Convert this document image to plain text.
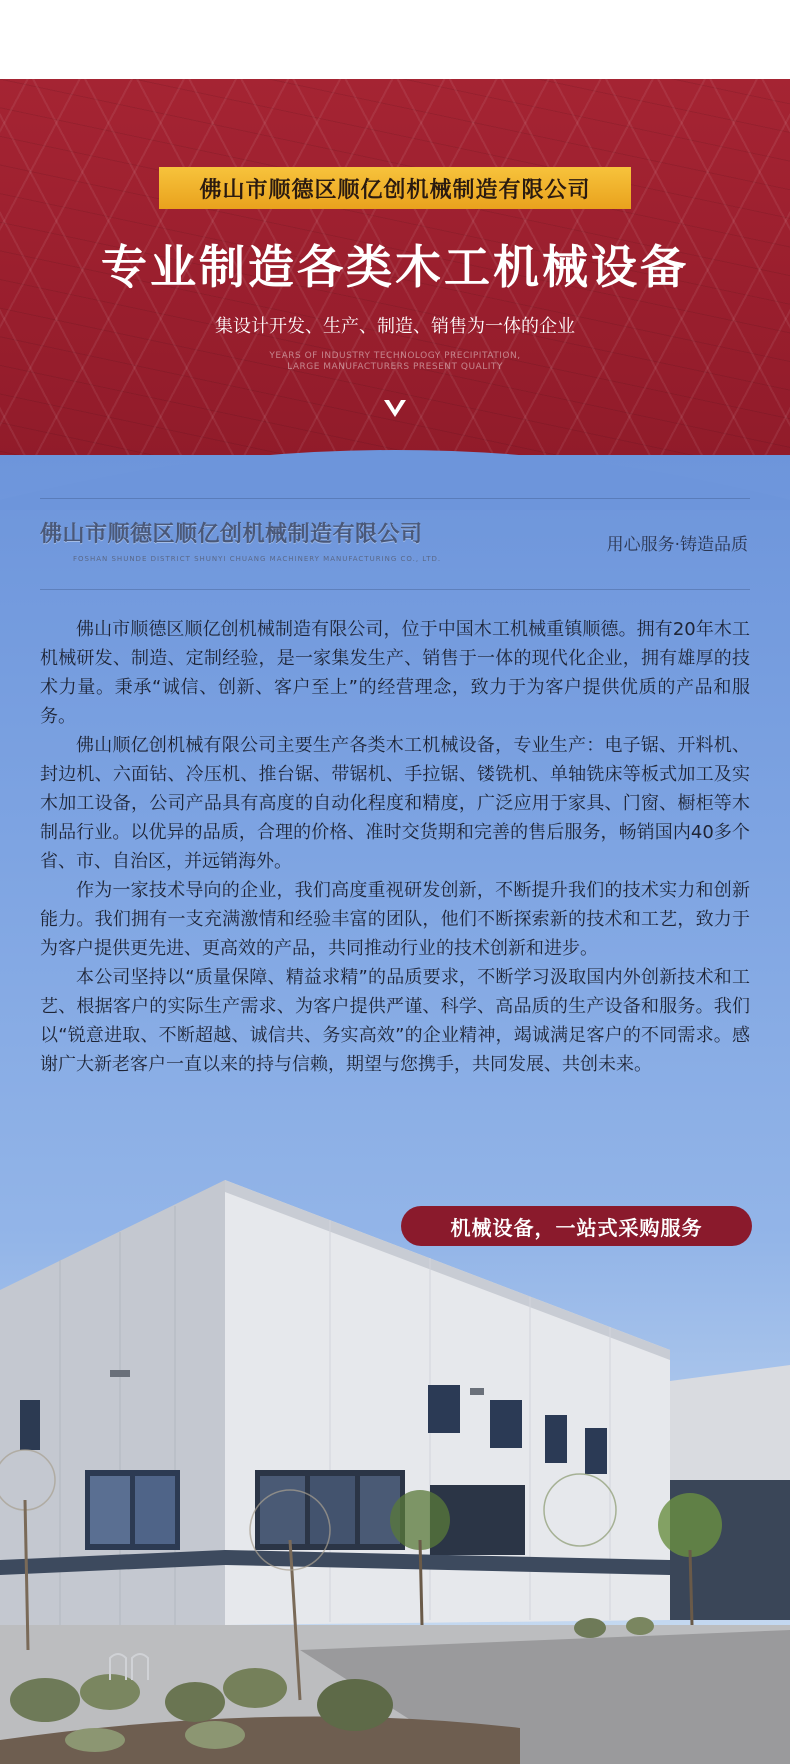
佛山市顺德区顺亿创机械制造有限公司
专业制造各类木工机械设备
集设计开发、生产、制造、销售为一体的企业
YEARS OF INDUSTRY TECHNOLOGY PRECIPITATION,
LARGE MANUFACTURERS PRESENT QUALITY
佛山市顺德区顺亿创机械制造有限公司
FOSHAN SHUNDE DISTRICT SHUNYI CHUANG MACHINERY MANUFACTURING CO., LTD.
用心服务·铸造品质

佛山市顺德区顺亿创机械制造有限公司，位于中国木工机械重镇顺德。拥有20年木工机械研发、制造、定制经验，是一家集发生产、销售于一体的现代化企业，拥有雄厚的技术力量。秉承“诚信、创新、客户至上”的经营理念，致力于为客户提供优质的产品和服务。

佛山顺亿创机械有限公司主要生产各类木工机械设备，专业生产：电子锯、开料机、封边机、六面钻、冷压机、推台锯、带锯机、手拉锯、镂铣机、单轴铣床等板式加工及实木加工设备，公司产品具有高度的自动化程度和精度，广泛应用于家具、门窗、橱柜等木制品行业。以优异的品质，合理的价格、准时交货期和完善的售后服务，畅销国内40多个省、市、自治区，并远销海外。

作为一家技术导向的企业，我们高度重视研发创新，不断提升我们的技术实力和创新能力。我们拥有一支充满激情和经验丰富的团队，他们不断探索新的技术和工艺，致力于为客户提供更先进、更高效的产品，共同推动行业的技术创新和进步。

本公司坚持以“质量保障、精益求精”的品质要求，不断学习汲取国内外创新技术和工艺、根据客户的实际生产需求、为客户提供严谨、科学、高品质的生产设备和服务。我们以“锐意进取、不断超越、诚信共、务实高效”的企业精神，竭诚满足客户的不同需求。感谢广大新老客户一直以来的持与信赖，期望与您携手，共同发展、共创未来。

机械设备，一站式采购服务
